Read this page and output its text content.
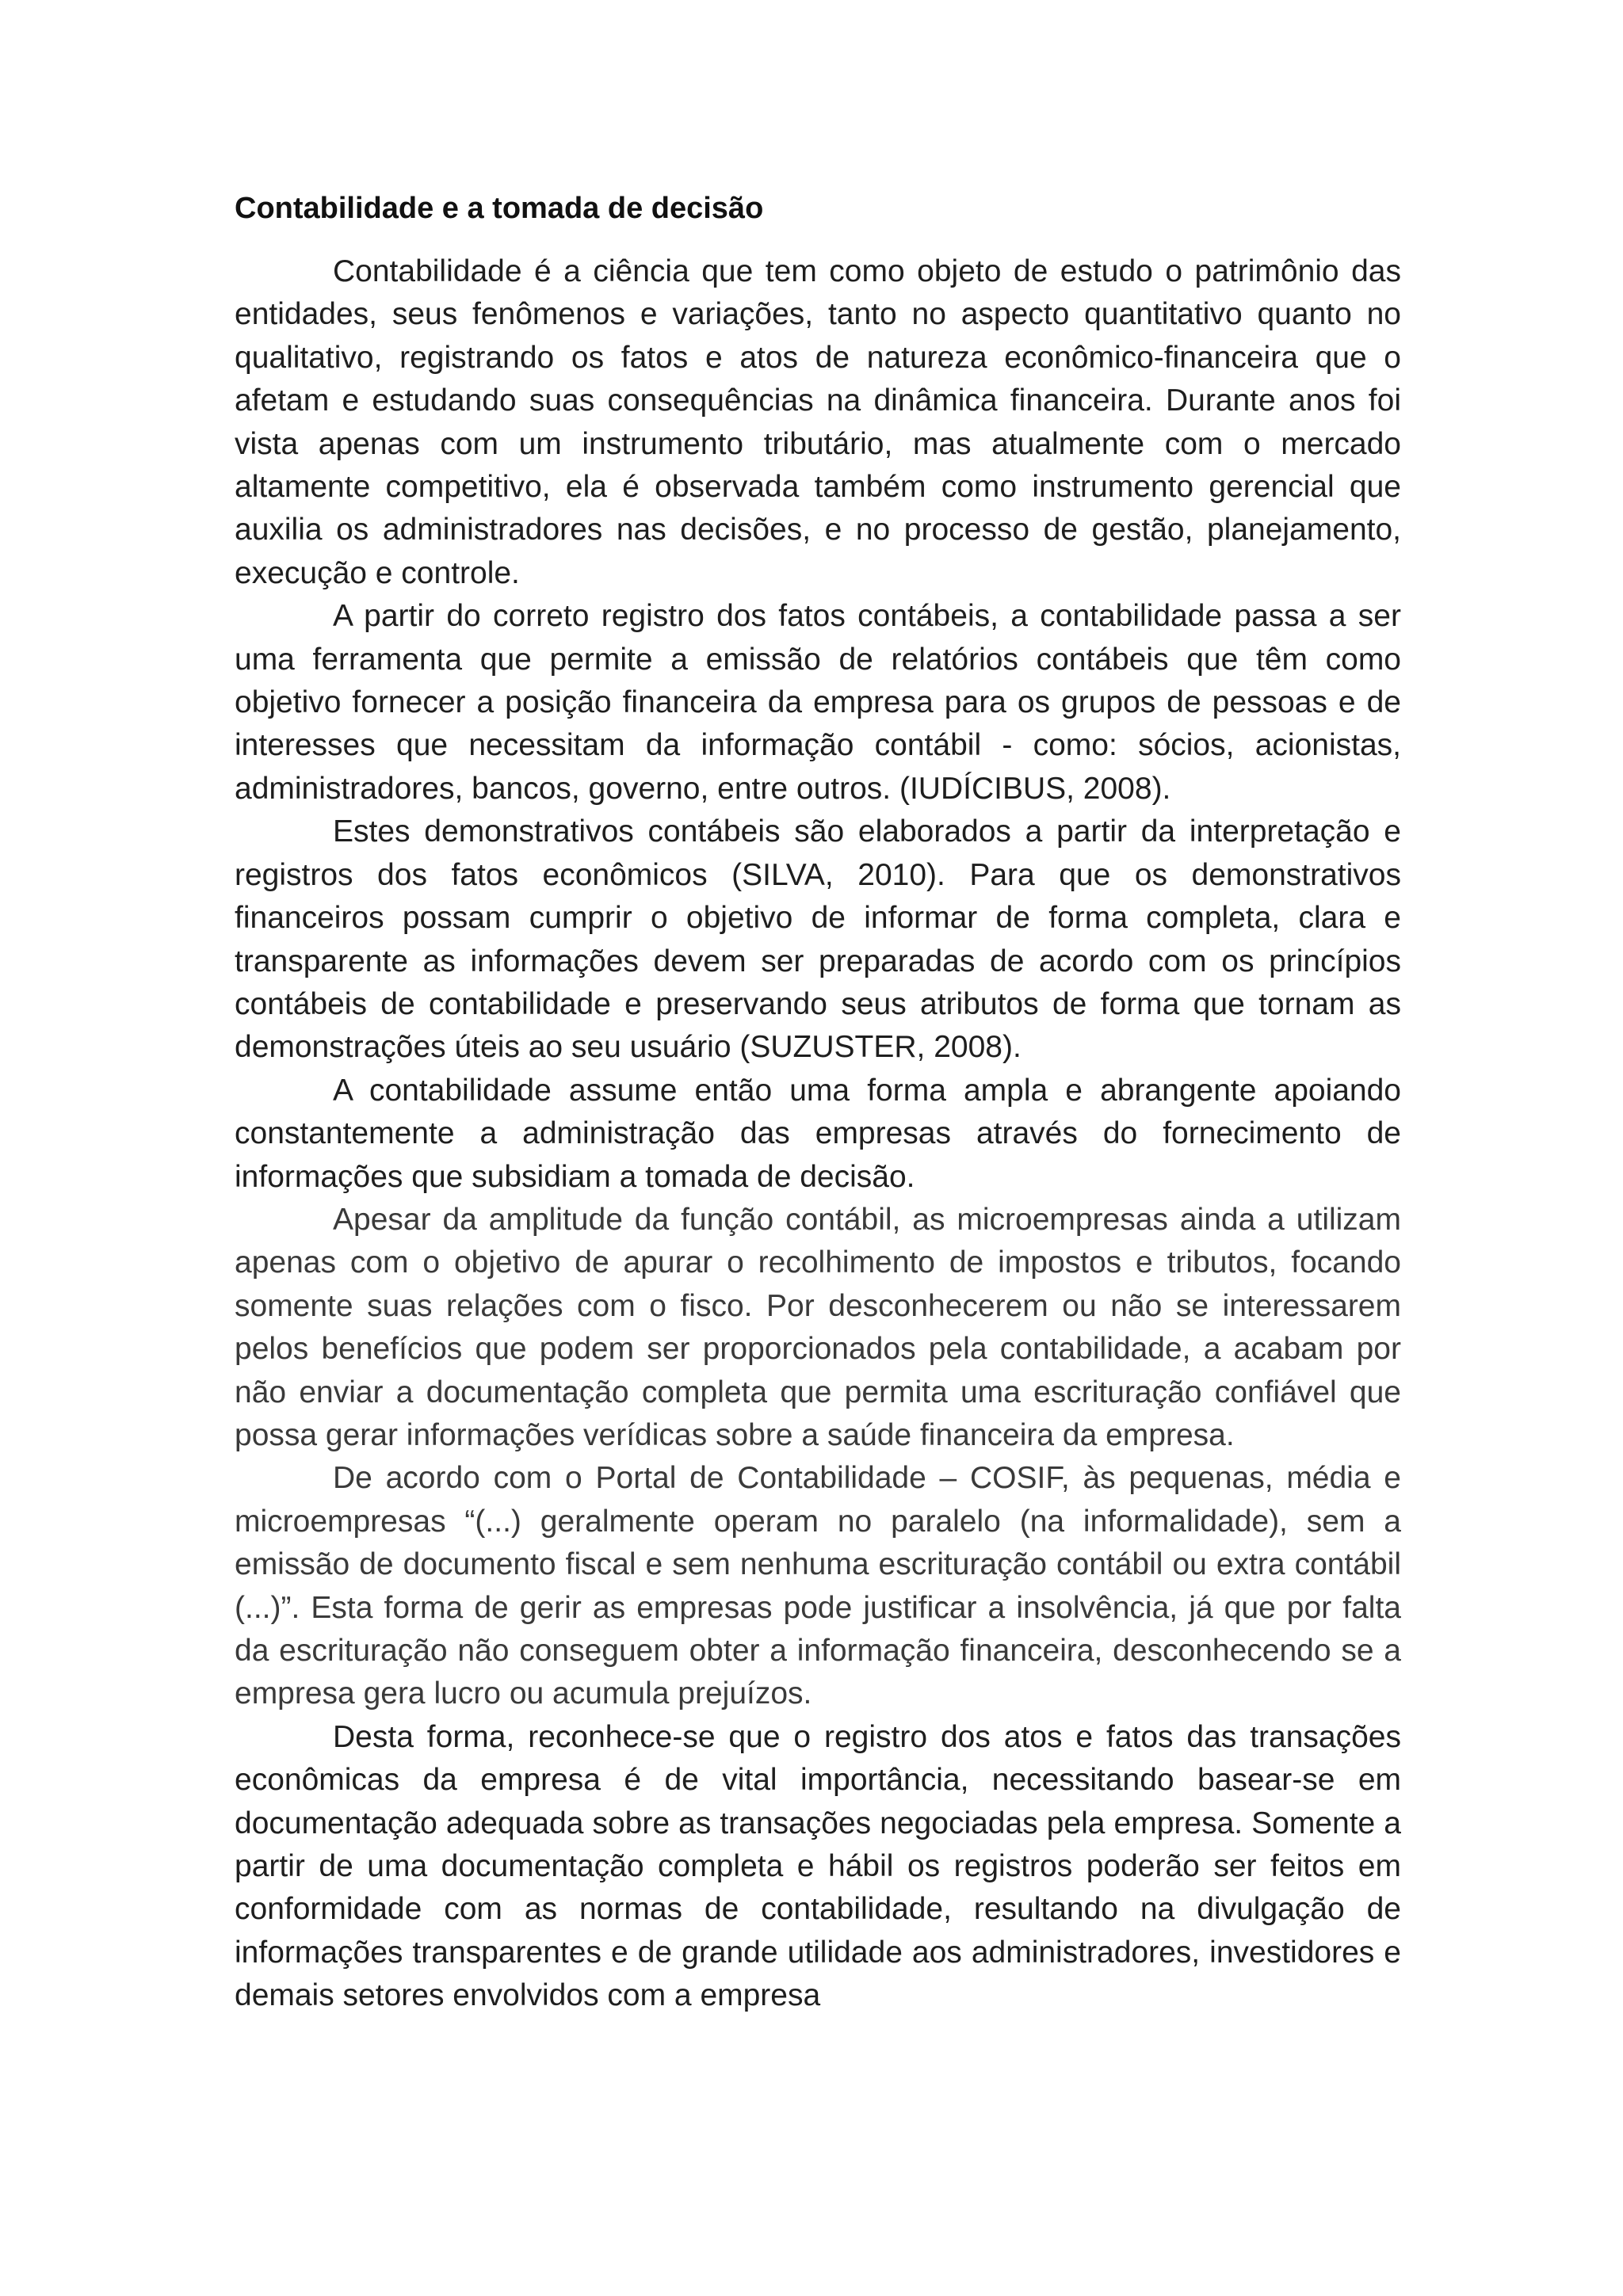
Contabilidade e a tomada de decisão

Contabilidade é a ciência que tem como objeto de estudo o patrimônio das entidades, seus fenômenos e variações, tanto no aspecto quantitativo quanto no qualitativo, registrando os fatos e atos de natureza econômico-financeira que o afetam e estudando suas consequências na dinâmica financeira. Durante anos foi vista apenas com um instrumento tributário, mas atualmente com o mercado altamente competitivo, ela é observada também como instrumento gerencial que auxilia os administradores nas decisões, e no processo de gestão, planejamento, execução e controle.

A partir do correto registro dos fatos contábeis, a contabilidade passa a ser uma ferramenta que permite a emissão de relatórios contábeis que têm como objetivo fornecer a posição financeira da empresa para os grupos de pessoas e de interesses que necessitam da informação contábil - como: sócios, acionistas, administradores, bancos, governo, entre outros. (IUDÍCIBUS, 2008).

Estes demonstrativos contábeis são elaborados a partir da interpretação e registros dos fatos econômicos (SILVA, 2010). Para que os demonstrativos financeiros possam cumprir o objetivo de informar de forma completa, clara e transparente as informações devem ser preparadas de acordo com os princípios contábeis de contabilidade e preservando seus atributos de forma que tornam as demonstrações úteis ao seu usuário (SUZUSTER, 2008).

A contabilidade assume então uma forma ampla e abrangente apoiando constantemente a administração das empresas através do fornecimento de informações que subsidiam a tomada de decisão.

Apesar da amplitude da função contábil, as microempresas ainda a utilizam apenas com o objetivo de apurar o recolhimento de impostos e tributos, focando somente suas relações com o fisco. Por desconhecerem ou não se interessarem pelos benefícios que podem ser proporcionados pela contabilidade, a acabam por não enviar a documentação completa que permita uma escrituração confiável que possa gerar informações verídicas sobre a saúde financeira da empresa.

De acordo com o Portal de Contabilidade – COSIF, às pequenas, média e microempresas “(...) geralmente operam no paralelo (na informalidade), sem a emissão de documento fiscal e sem nenhuma escrituração contábil ou extra contábil (...)”. Esta forma de gerir as empresas pode justificar a insolvência, já que por falta da escrituração não conseguem obter a informação financeira, desconhecendo se a empresa gera lucro ou acumula prejuízos.

Desta forma, reconhece-se que o registro dos atos e fatos das transações econômicas da empresa é de vital importância, necessitando basear-se em documentação adequada sobre as transações negociadas pela empresa. Somente a partir de uma documentação completa e hábil os registros poderão ser feitos em conformidade com as normas de contabilidade, resultando na divulgação de informações transparentes e de grande utilidade aos administradores, investidores e demais setores envolvidos com a empresa
